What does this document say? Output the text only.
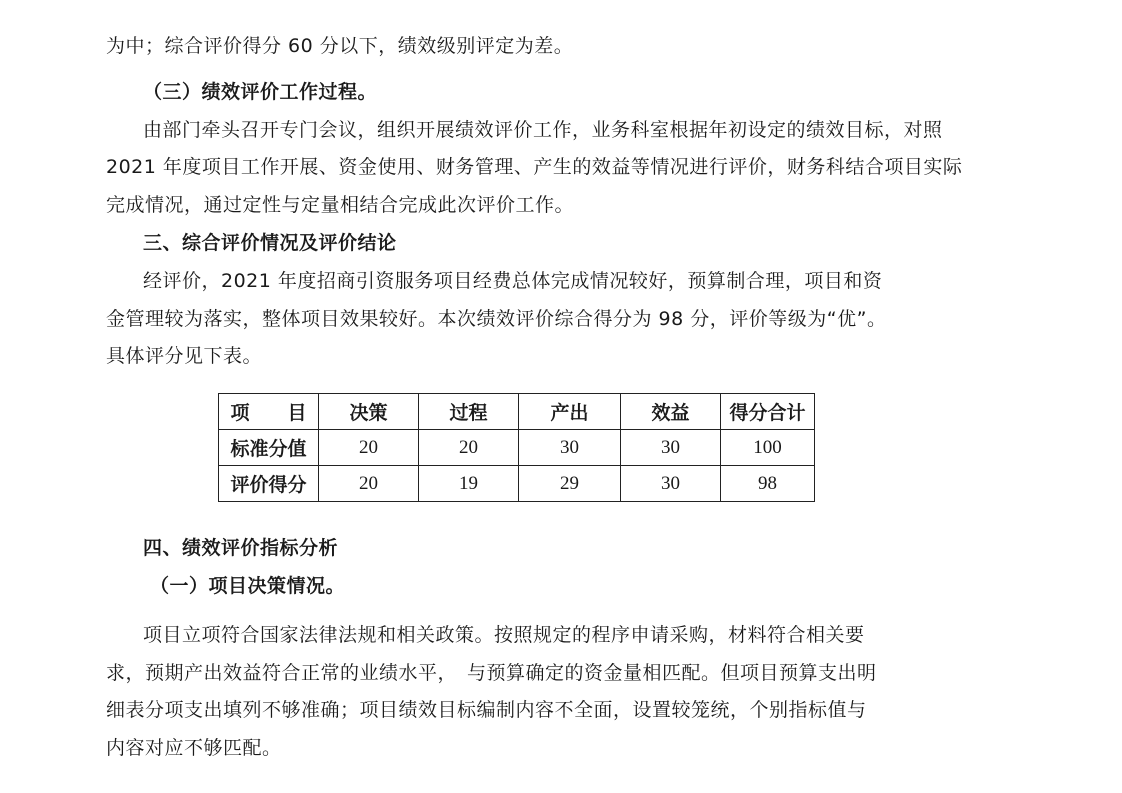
为中；综合评价得分 60 分以下，绩效级别评定为差。
（三）绩效评价工作过程。
由部门牵头召开专门会议，组织开展绩效评价工作，业务科室根据年初设定的绩效目标，对照
2021 年度项目工作开展、资金使用、财务管理、产生的效益等情况进行评价，财务科结合项目实际
完成情况，通过定性与定量相结合完成此次评价工作。
三、综合评价情况及评价结论
经评价，2021 年度招商引资服务项目经费总体完成情况较好，预算制合理，项目和资
金管理较为落实，整体项目效果较好。本次绩效评价综合得分为 98 分，评价等级为“优”。
具体评分见下表。
项　　目	决策	过程	产出	效益	得分合计
标准分值	20	20	30	30	100
评价得分	20	19	29	30	98
四、绩效评价指标分析
（一）项目决策情况。
项目立项符合国家法律法规和相关政策。按照规定的程序申请采购，材料符合相关要
求，预期产出效益符合正常的业绩水平，　与预算确定的资金量相匹配。但项目预算支出明
细表分项支出填列不够准确；项目绩效目标编制内容不全面，设置较笼统，个别指标值与
内容对应不够匹配。
